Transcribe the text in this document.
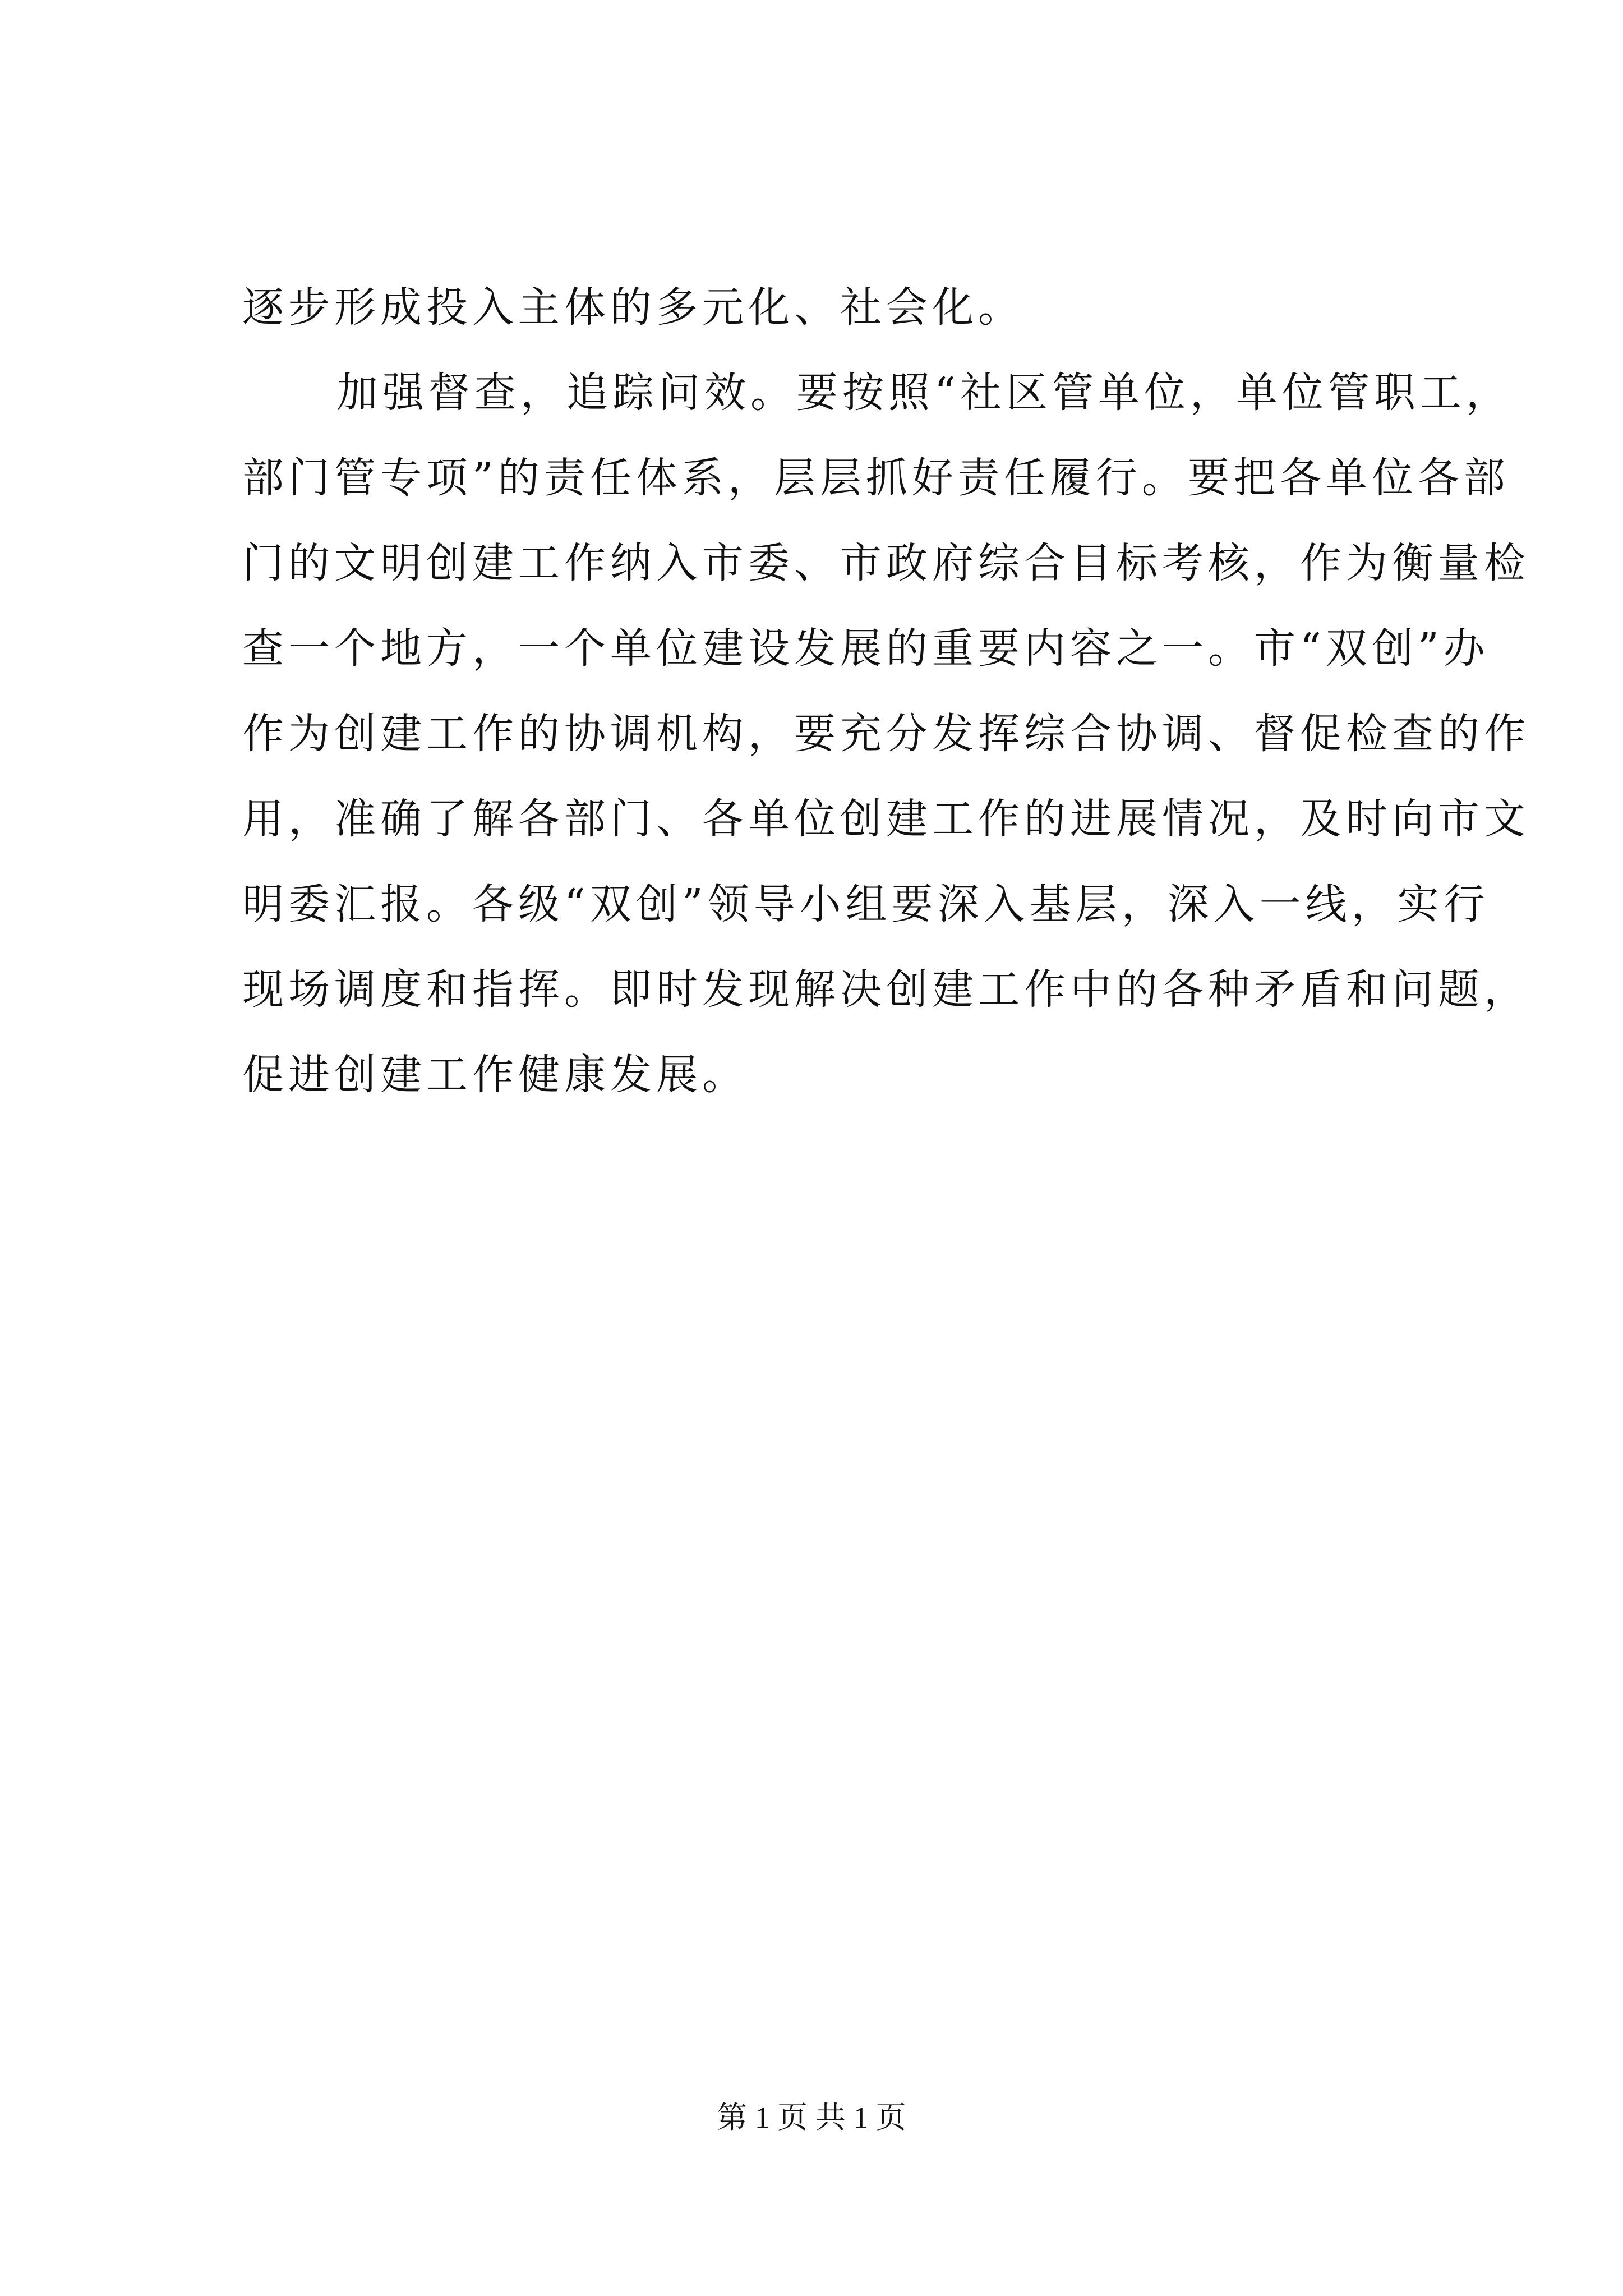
逐步形成投入主体的多元化、社会化。
加强督查，追踪问效。要按照“社区管单位，单位管职工，
部门管专项”的责任体系，层层抓好责任履行。要把各单位各部
门的文明创建工作纳入市委、市政府综合目标考核，作为衡量检
查一个地方，一个单位建设发展的重要内容之一。市“双创”办
作为创建工作的协调机构，要充分发挥综合协调、督促检查的作
用，准确了解各部门、各单位创建工作的进展情况，及时向市文
明委汇报。各级“双创”领导小组要深入基层，深入一线，实行
现场调度和指挥。即时发现解决创建工作中的各种矛盾和问题，
促进创建工作健康发展。
第 1 页 共 1 页
